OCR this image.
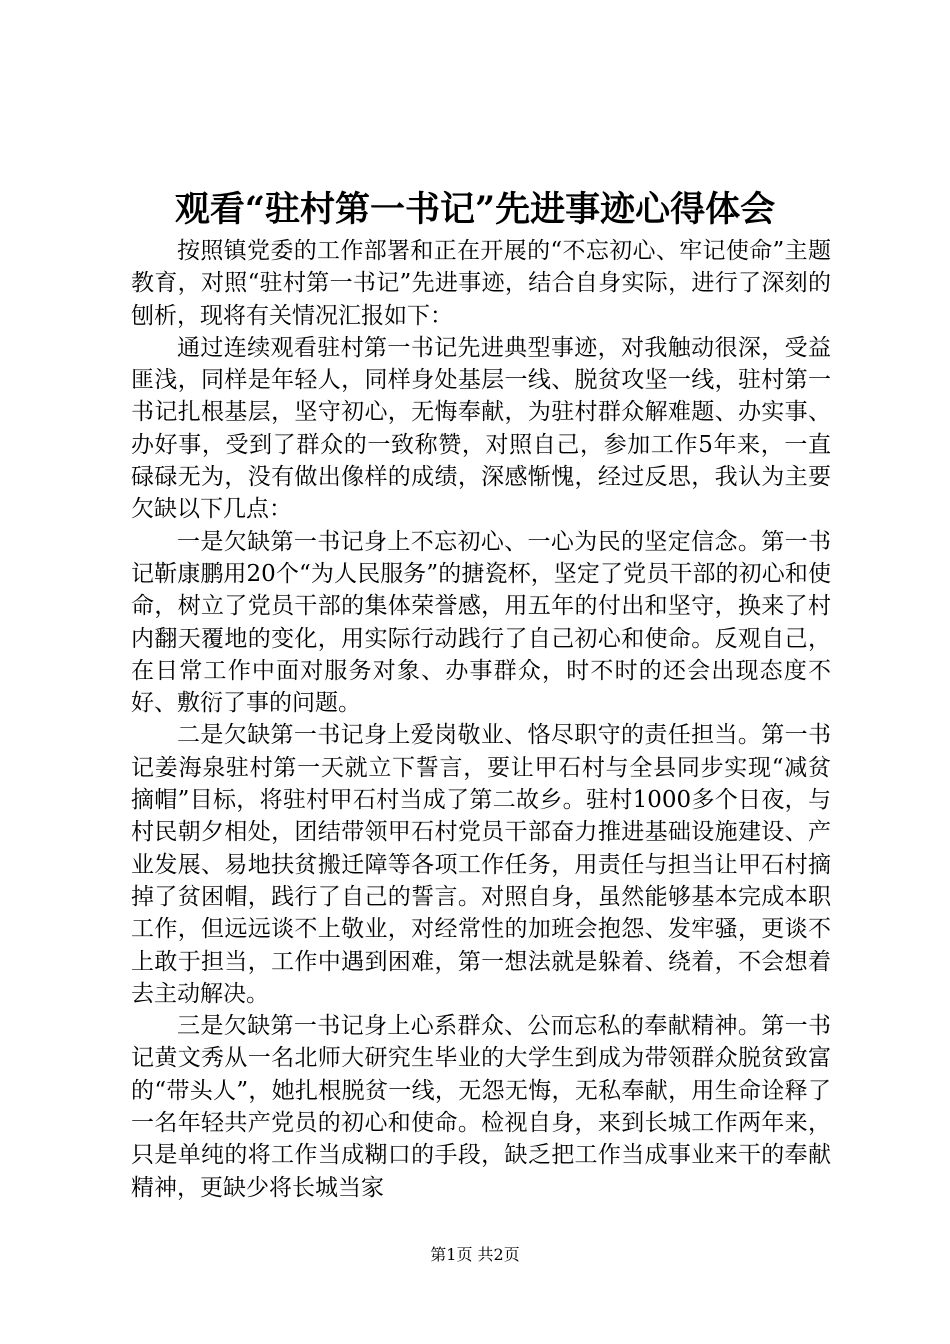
观看“驻村第一书记”先进事迹心得体会

按照镇党委的工作部署和正在开展的“不忘初心、牢记使命”主题教育，对照“驻村第一书记”先进事迹，结合自身实际，进行了深刻的刨析，现将有关情况汇报如下：

通过连续观看驻村第一书记先进典型事迹，对我触动很深，受益匪浅，同样是年轻人，同样身处基层一线、脱贫攻坚一线，驻村第一书记扎根基层，坚守初心，无悔奉献，为驻村群众解难题、办实事、办好事，受到了群众的一致称赞，对照自己，参加工作5年来，一直碌碌无为，没有做出像样的成绩，深感惭愧，经过反思，我认为主要欠缺以下几点：

一是欠缺第一书记身上不忘初心、一心为民的坚定信念。第一书记靳康鹏用20个“为人民服务”的搪瓷杯，坚定了党员干部的初心和使命，树立了党员干部的集体荣誉感，用五年的付出和坚守，换来了村内翻天覆地的变化，用实际行动践行了自己初心和使命。反观自己，在日常工作中面对服务对象、办事群众，时不时的还会出现态度不好、敷衍了事的问题。

二是欠缺第一书记身上爱岗敬业、恪尽职守的责任担当。第一书记姜海泉驻村第一天就立下誓言，要让甲石村与全县同步实现“减贫摘帽”目标，将驻村甲石村当成了第二故乡。驻村1000多个日夜，与村民朝夕相处，团结带领甲石村党员干部奋力推进基础设施建设、产业发展、易地扶贫搬迁障等各项工作任务，用责任与担当让甲石村摘掉了贫困帽，践行了自己的誓言。对照自身，虽然能够基本完成本职工作，但远远谈不上敬业，对经常性的加班会抱怨、发牢骚，更谈不上敢于担当，工作中遇到困难，第一想法就是躲着、绕着，不会想着去主动解决。

三是欠缺第一书记身上心系群众、公而忘私的奉献精神。第一书记黄文秀从一名北师大研究生毕业的大学生到成为带领群众脱贫致富的“带头人”，她扎根脱贫一线，无怨无悔，无私奉献，用生命诠释了一名年轻共产党员的初心和使命。检视自身，来到长城工作两年来，只是单纯的将工作当成糊口的手段，缺乏把工作当成事业来干的奉献精神，更缺少将长城当家

第1页 共2页
